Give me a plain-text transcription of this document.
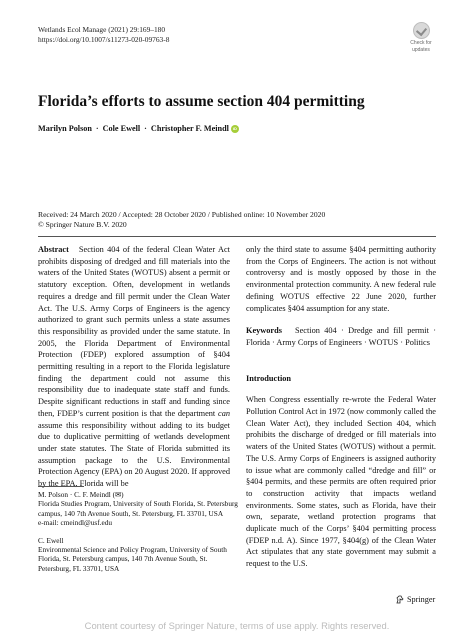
Wetlands Ecol Manage (2021) 29:169–180
https://doi.org/10.1007/s11273-020-09763-8	Check for
updates
Florida’s efforts to assume section 404 permitting
Marilyn Polson · Cole Ewell · Christopher F. Meindl
iD
Received: 24 March 2020 / Accepted: 28 October 2020 / Published online: 10 November 2020
© Springer Nature B.V. 2020

Abstract Section 404 of the federal Clean Water Act prohibits disposing of dredged and fill materials into the waters of the United States (WOTUS) absent a permit or statutory exception. Often, development in wetlands requires a dredge and fill permit under the Clean Water Act. The U.S. Army Corps of Engineers is the agency authorized to grant such permits unless a state assumes this responsibility as provided under the same statute. In 2005, the Florida Department of Environmental Protection (FDEP) explored assumption of §404 permitting resulting in a report to the Florida legislature finding the department could not assume this responsibility due to inadequate state staff and funds. Despite significant reductions in staff and funding since then, FDEP’s current position is that the department can assume this responsibility without adding to its budget due to duplicative permitting of wetlands development under state statutes. The State of Florida submitted its assumption package to the U.S. Environmental Protection Agency (EPA) on 20 August 2020. If approved by the EPA, Florida will be

only the third state to assume §404 permitting authority from the Corps of Engineers. The action is not without controversy and is mostly opposed by those in the environmental protection community. A new federal rule defining WOTUS effective 22 June 2020, further complicates §404 assumption for any state.

Keywords Section 404 · Dredge and fill permit · Florida · Army Corps of Engineers · WOTUS · Politics

Introduction

When Congress essentially re-wrote the Federal Water Pollution Control Act in 1972 (now commonly called the Clean Water Act), they included Section 404, which prohibits the discharge of dredged or fill materials into waters of the United States (WOTUS) without a permit. The U.S. Army Corps of Engineers is assigned authority to issue what are commonly called “dredge and fill” or §404 permits, and these permits are often required prior to construction activity that impacts wetland environments. Some states, such as Florida, have their own, separate, wetland protection programs that duplicate much of the Corps’ §404 permitting process (FDEP n.d. A). Since 1977, §404(g) of the Clean Water Act stipulates that any state government may submit a request to the U.S.

M. Polson · C. F. Meindl (✉)

Florida Studies Program, University of South Florida, St. Petersburg campus, 140 7th Avenue South, St. Petersburg, FL 33701, USA

e-mail: cmeindl@usf.edu

C. Ewell

Environmental Science and Policy Program, University of South Florida, St. Petersburg campus, 140 7th Avenue South, St. Petersburg, FL 33701, USA

Springer
Content courtesy of Springer Nature, terms of use apply. Rights reserved.
